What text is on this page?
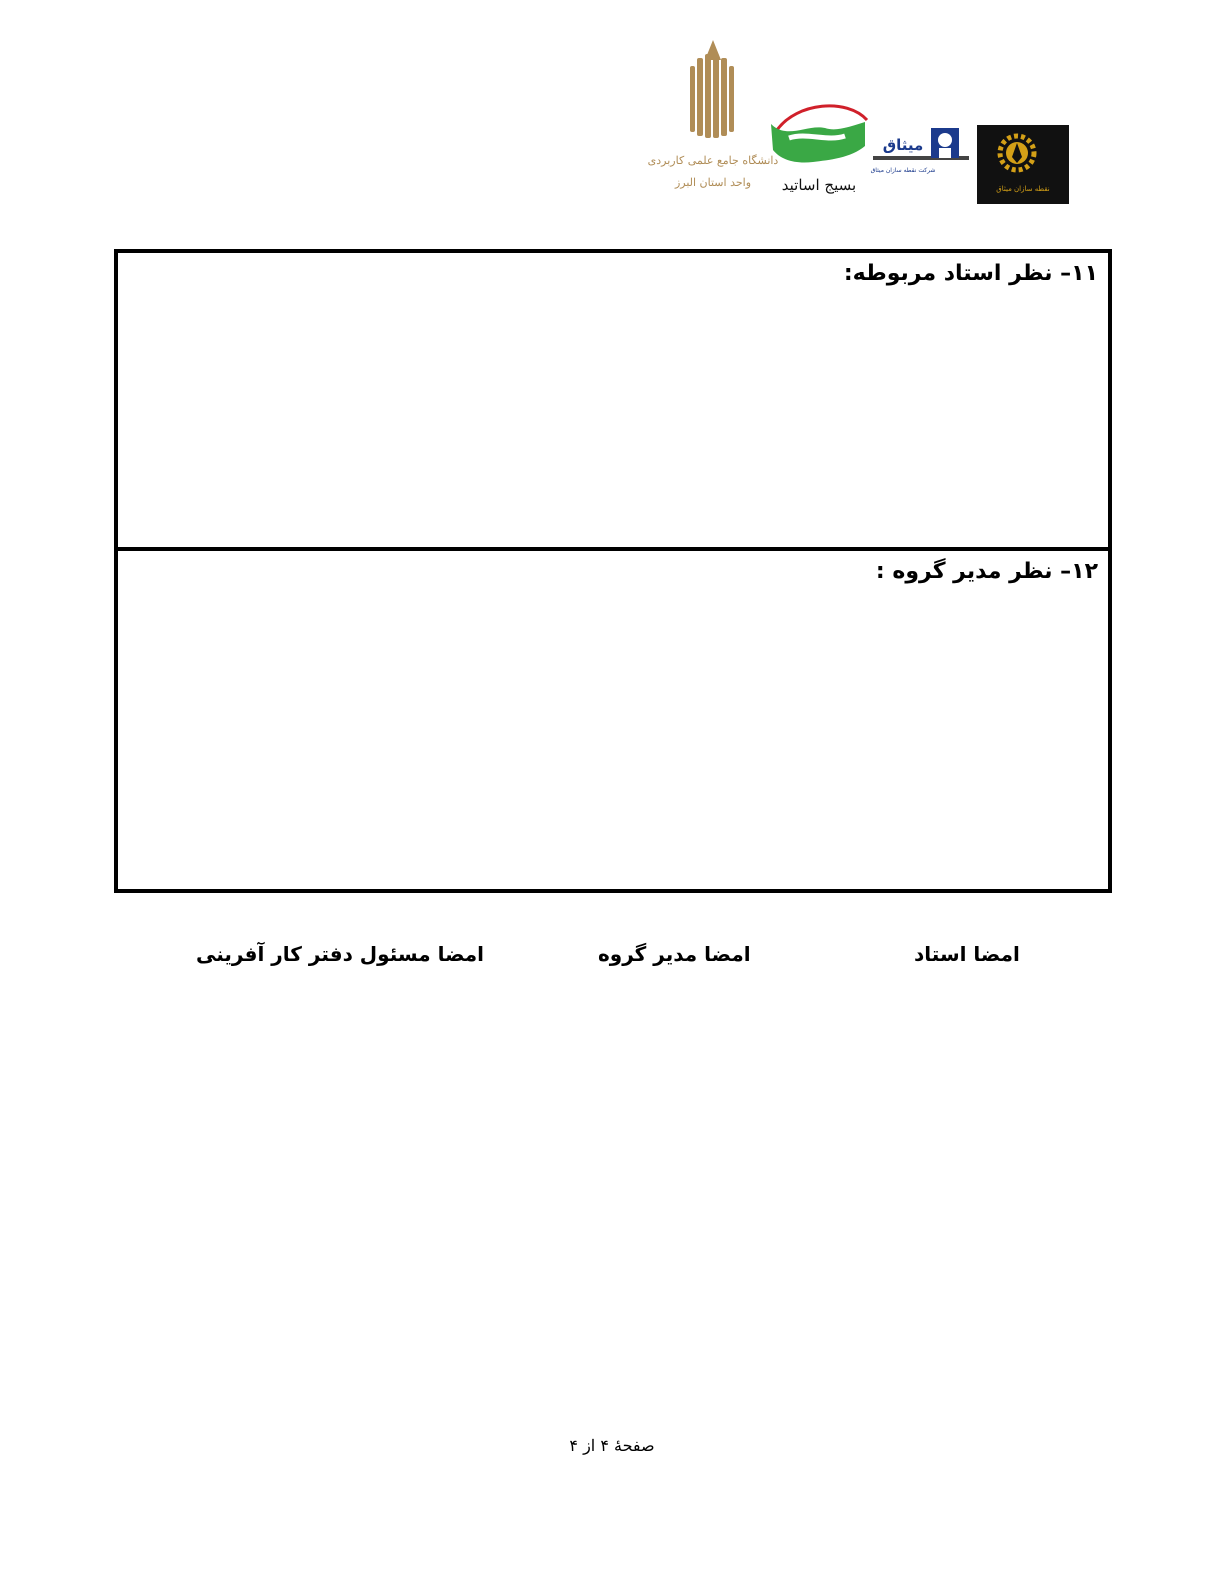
دانشگاه جامع علمی کاربردی
واحد استان البرز بسیج اساتید
میثاق
شرکت نقطه سازان میثاق
نقطه سازان میثاق
۱۱– نظر استاد مربوطه:
۱۲– نظر مدیر گروه :
امضا استاد
امضا مدیر گروه
امضا مسئول دفتر کار آفرینی
صفحۀ ۴ از ۴
